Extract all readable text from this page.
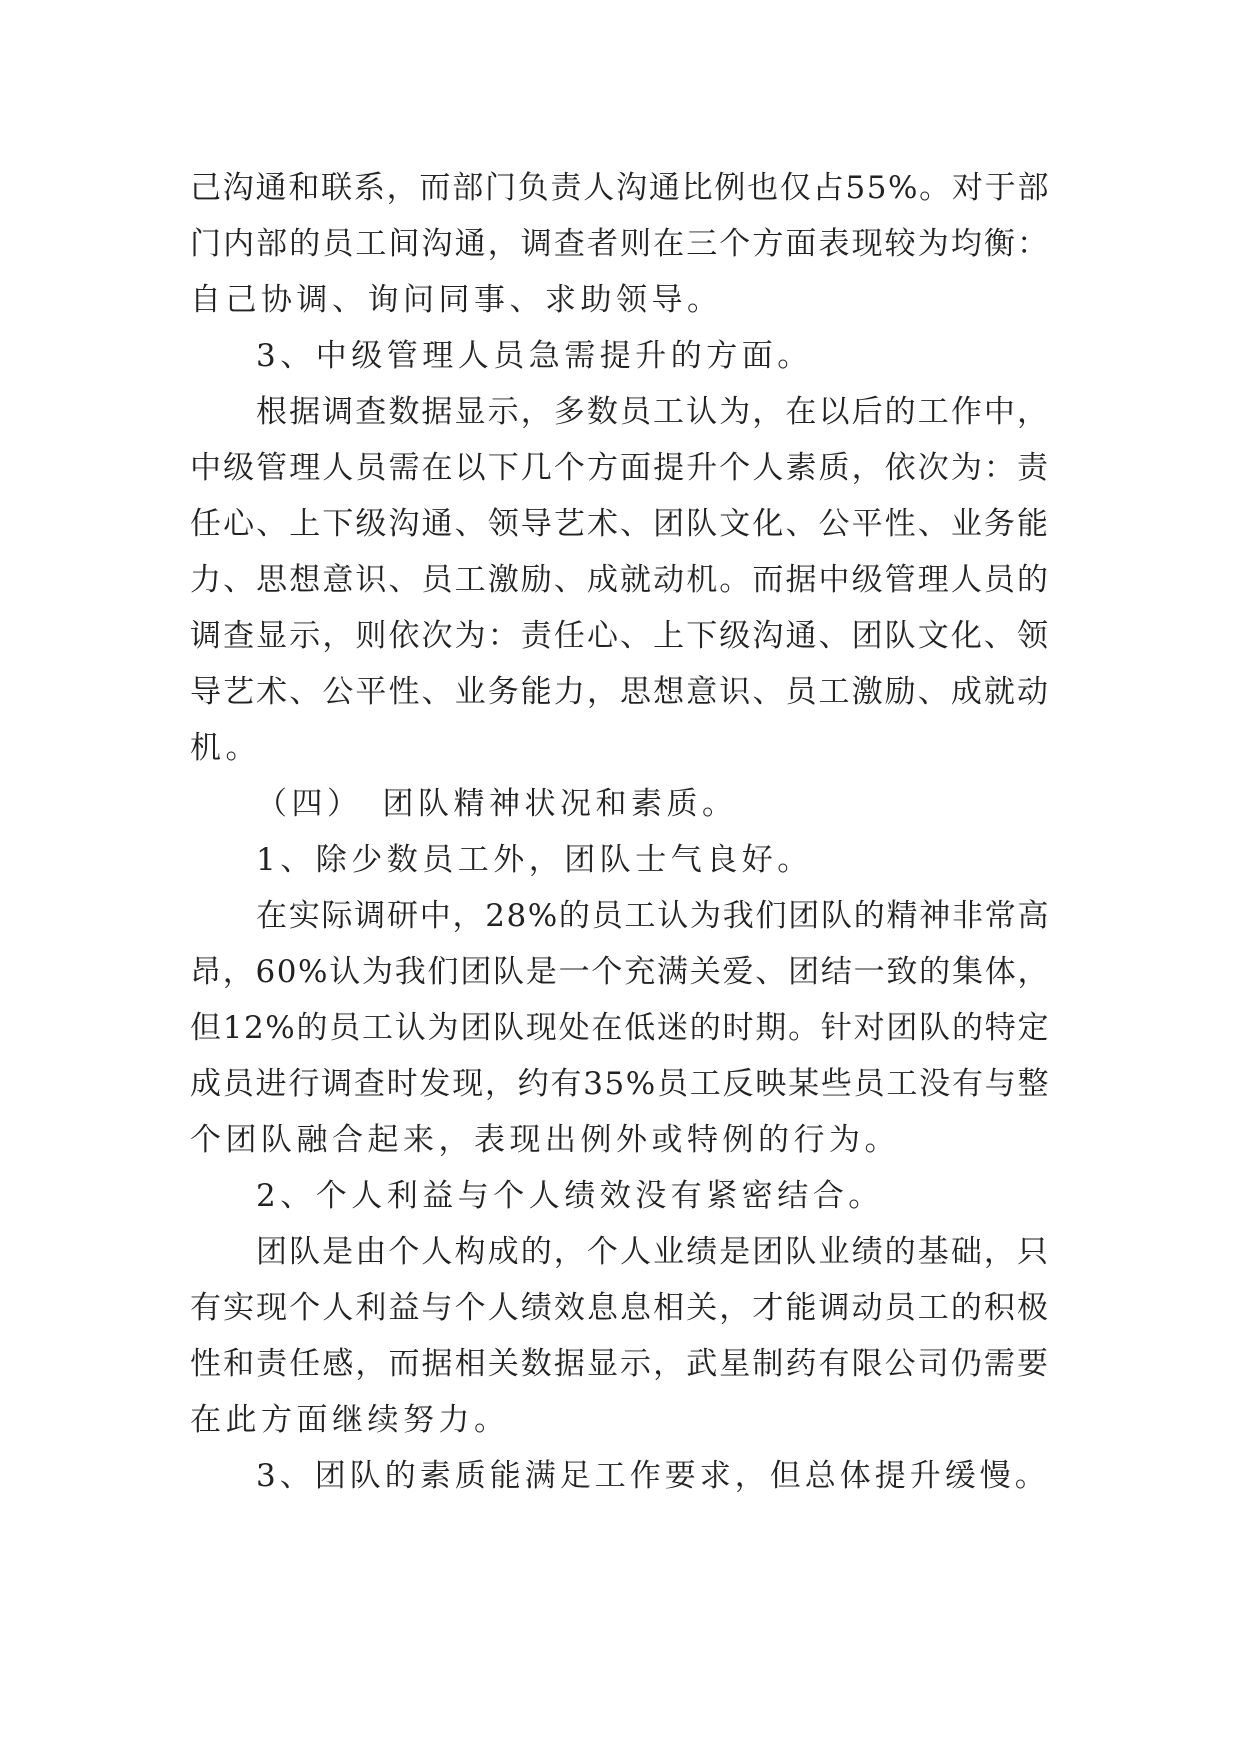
己沟通和联系，而部门负责人沟通比例也仅占55%。对于部
门内部的员工间沟通，调查者则在三个方面表现较为均衡：
自己协调、询问同事、求助领导。
3、中级管理人员急需提升的方面。
根据调查数据显示，多数员工认为，在以后的工作中，
中级管理人员需在以下几个方面提升个人素质，依次为：责
任心、上下级沟通、领导艺术、团队文化、公平性、业务能
力、思想意识、员工激励、成就动机。而据中级管理人员的
调查显示，则依次为：责任心、上下级沟通、团队文化、领
导艺术、公平性、业务能力，思想意识、员工激励、成就动
机。
（四）　团队精神状况和素质。
1、除少数员工外，团队士气良好。
在实际调研中，28%的员工认为我们团队的精神非常高
昂，60%认为我们团队是一个充满关爱、团结一致的集体，
但12%的员工认为团队现处在低迷的时期。针对团队的特定
成员进行调查时发现，约有35%员工反映某些员工没有与整
个团队融合起来，表现出例外或特例的行为。
2、个人利益与个人绩效没有紧密结合。
团队是由个人构成的，个人业绩是团队业绩的基础，只
有实现个人利益与个人绩效息息相关，才能调动员工的积极
性和责任感，而据相关数据显示，武星制药有限公司仍需要
在此方面继续努力。
3、团队的素质能满足工作要求，但总体提升缓慢。
